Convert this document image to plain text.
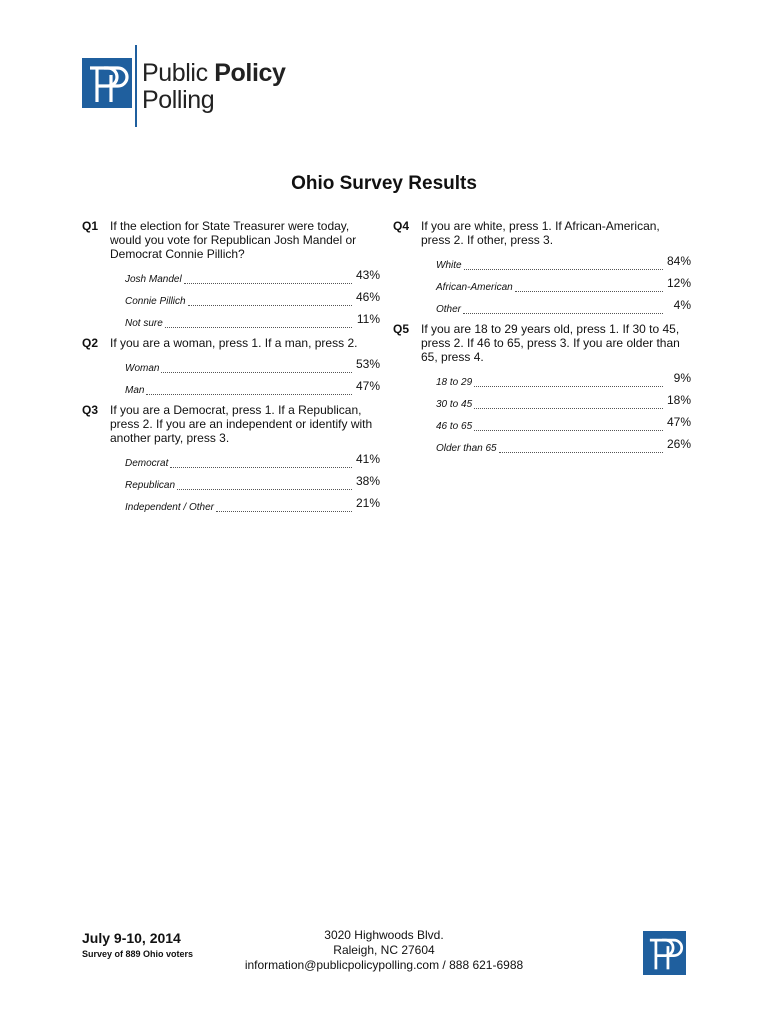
Public Policy
Polling
Ohio Survey Results
Q1 If the election for State Treasurer were today, would you vote for Republican Josh Mandel or Democrat Connie Pillich?
Josh Mandel	43%
Connie Pillich	46%
Not sure	11%
Q2 If you are a woman, press 1. If a man, press 2.
Woman	53%
Man	47%
Q3 If you are a Democrat, press 1. If a Republican, press 2. If you are an independent or identify with another party, press 3.
Democrat	41%
Republican	38%
Independent / Other	21%
Q4 If you are white, press 1. If African-American, press 2. If other, press 3.
White	84%
African-American	12%
Other	4%
Q5 If you are 18 to 29 years old, press 1. If 30 to 45, press 2. If 46 to 65, press 3. If you are older than 65, press 4.
18 to 29	9%
30 to 45	18%
46 to 65	47%
Older than 65	26%
July 9-10, 2014
Survey of 889 Ohio voters
3020 Highwoods Blvd.
Raleigh, NC 27604
information@publicpolicypolling.com / 888 621-6988
